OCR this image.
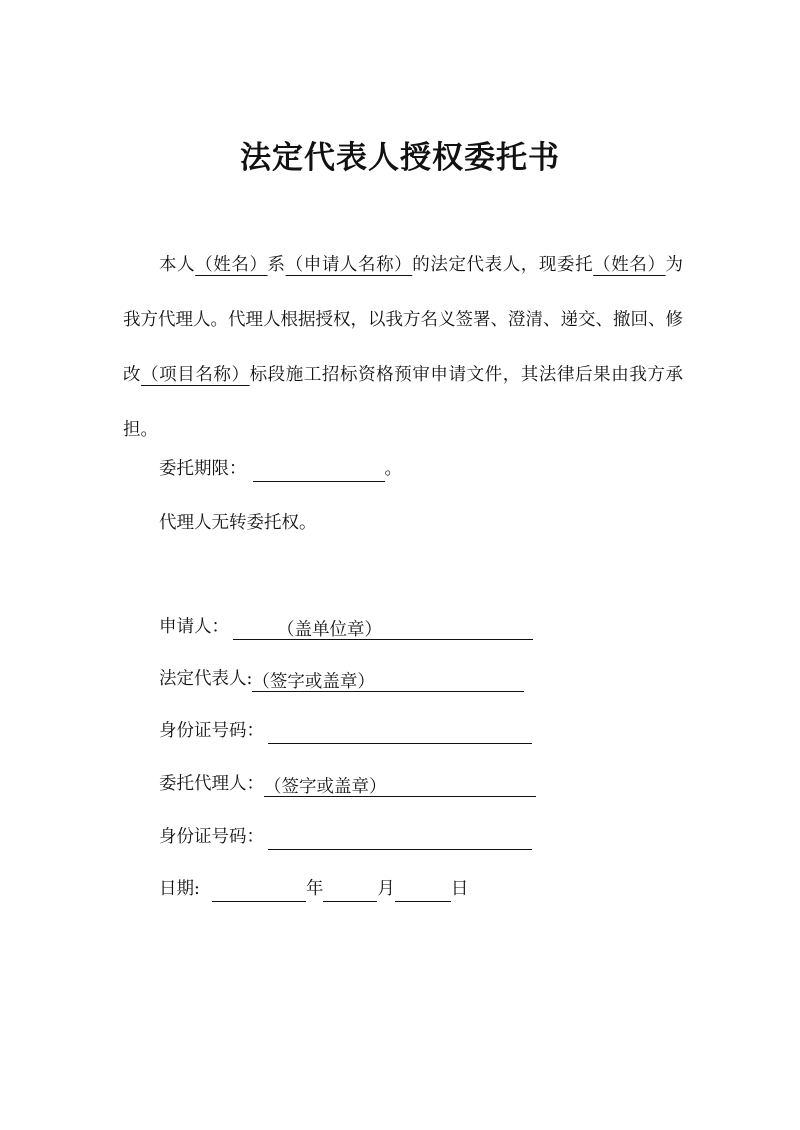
法定代表人授权委托书
本人（姓名）系（申请人名称）的法定代表人，现委托（姓名）为我方代理人。代理人根据授权，以我方名义签署、澄清、递交、撤回、修改（项目名称）标段施工招标资格预审申请文件，其法律后果由我方承担。
委托期限：	。
代理人无转委托权。
申请人：	（盖单位章）
法定代表人:（签字或盖章）
身份证号码：
委托代理人：（签字或盖章）
身份证号码：
日期:	年	月	日
